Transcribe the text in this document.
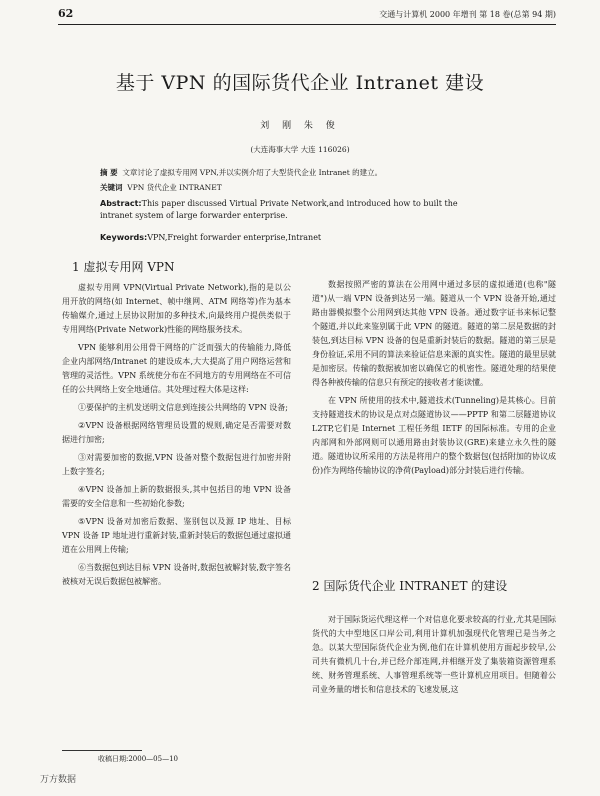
62	交通与计算机 2000 年增刊 第 18 卷(总第 94 期)
基于 VPN 的国际货代企业 Intranet 建设
刘 刚 朱 俊
(大连海事大学 大连 116026)
摘 要 文章讨论了虚拟专用网 VPN,并以实例介绍了大型货代企业 Intranet 的建立。
关键词 VPN 货代企业 INTRANET
Abstract:This paper discussed Virtual Private Network,and introduced how to built the intranet system of large forwarder enterprise.
Keywords:VPN,Freight forwarder enterprise,Intranet
1 虚拟专用网 VPN

虚拟专用网 VPN(Virtual Private Network),指的是以公用开放的网络(如 Internet、帧中继网、ATM 网络等)作为基本传输媒介,通过上层协议附加的多种技术,向最终用户提供类似于专用网络(Private Network)性能的网络服务技术。

VPN 能够利用公用骨干网络的广泛而强大的传输能力,降低企业内部网络/Intranet 的建设成本,大大提高了用户网络运营和管理的灵活性。VPN 系统使分布在不同地方的专用网络在不可信任的公共网络上安全地通信。其处理过程大体是这样:

①要保护的主机发送明文信息到连接公共网络的 VPN 设备;

②VPN 设备根据网络管理员设置的规则,确定是否需要对数据进行加密;

③对需要加密的数据,VPN 设备对整个数据包进行加密并附上数字签名;

④VPN 设备加上新的数据报头,其中包括目的地 VPN 设备需要的安全信息和一些初始化参数;

⑤VPN 设备对加密后数据、鉴别包以及源 IP 地址、目标 VPN 设备 IP 地址进行重新封装,重新封装后的数据包通过虚拟通道在公用网上传输;

⑥当数据包到达目标 VPN 设备时,数据包被解封装,数字签名被核对无误后数据包被解密。

数据按照严密的算法在公用网中通过多层的虚拟通道(也称"隧道")从一端 VPN 设备到达另一端。隧道从一个 VPN 设备开始,通过路由器模拟整个公用网到达其他 VPN 设备。通过数字证书来标记整个隧道,并以此来鉴别属于此 VPN 的隧道。隧道的第二层是数据的封装包,到达目标 VPN 设备的包是重新封装后的数据。隧道的第三层是身份验证,采用不同的算法来验证信息来源的真实性。隧道的最里层就是加密层。传输的数据被加密以确保它的机密性。隧道处理的结果使得各种被传输的信息只有预定的接收者才能读懂。

在 VPN 所使用的技术中,隧道技术(Tunneling)是其核心。目前支持隧道技术的协议是点对点隧道协议——PPTP 和第二层隧道协议 L2TP,它们是 Internet 工程任务组 IETF 的国际标准。专用的企业内部网和外部网则可以通用路由封装协议(GRE)来建立永久性的隧道。隧道协议所采用的方法是将用户的整个数据包(包括附加的协议成份)作为网络传输协议的净荷(Payload)部分封装后进行传输。

2 国际货代企业 INTRANET 的建设

对于国际货运代理这样一个对信息化要求较高的行业,尤其是国际货代的大中型地区口岸公司,利用计算机加强现代化管理已是当务之急。以某大型国际货代企业为例,他们在计算机使用方面起步较早,公司共有微机几十台,并已经介部连网,并相继开发了集装箱资源管理系统、财务管理系统、人事管理系统等一些计算机应用项目。但随着公司业务量的增长和信息技术的飞速发展,这

收稿日期:2000—05—10
万方数据
